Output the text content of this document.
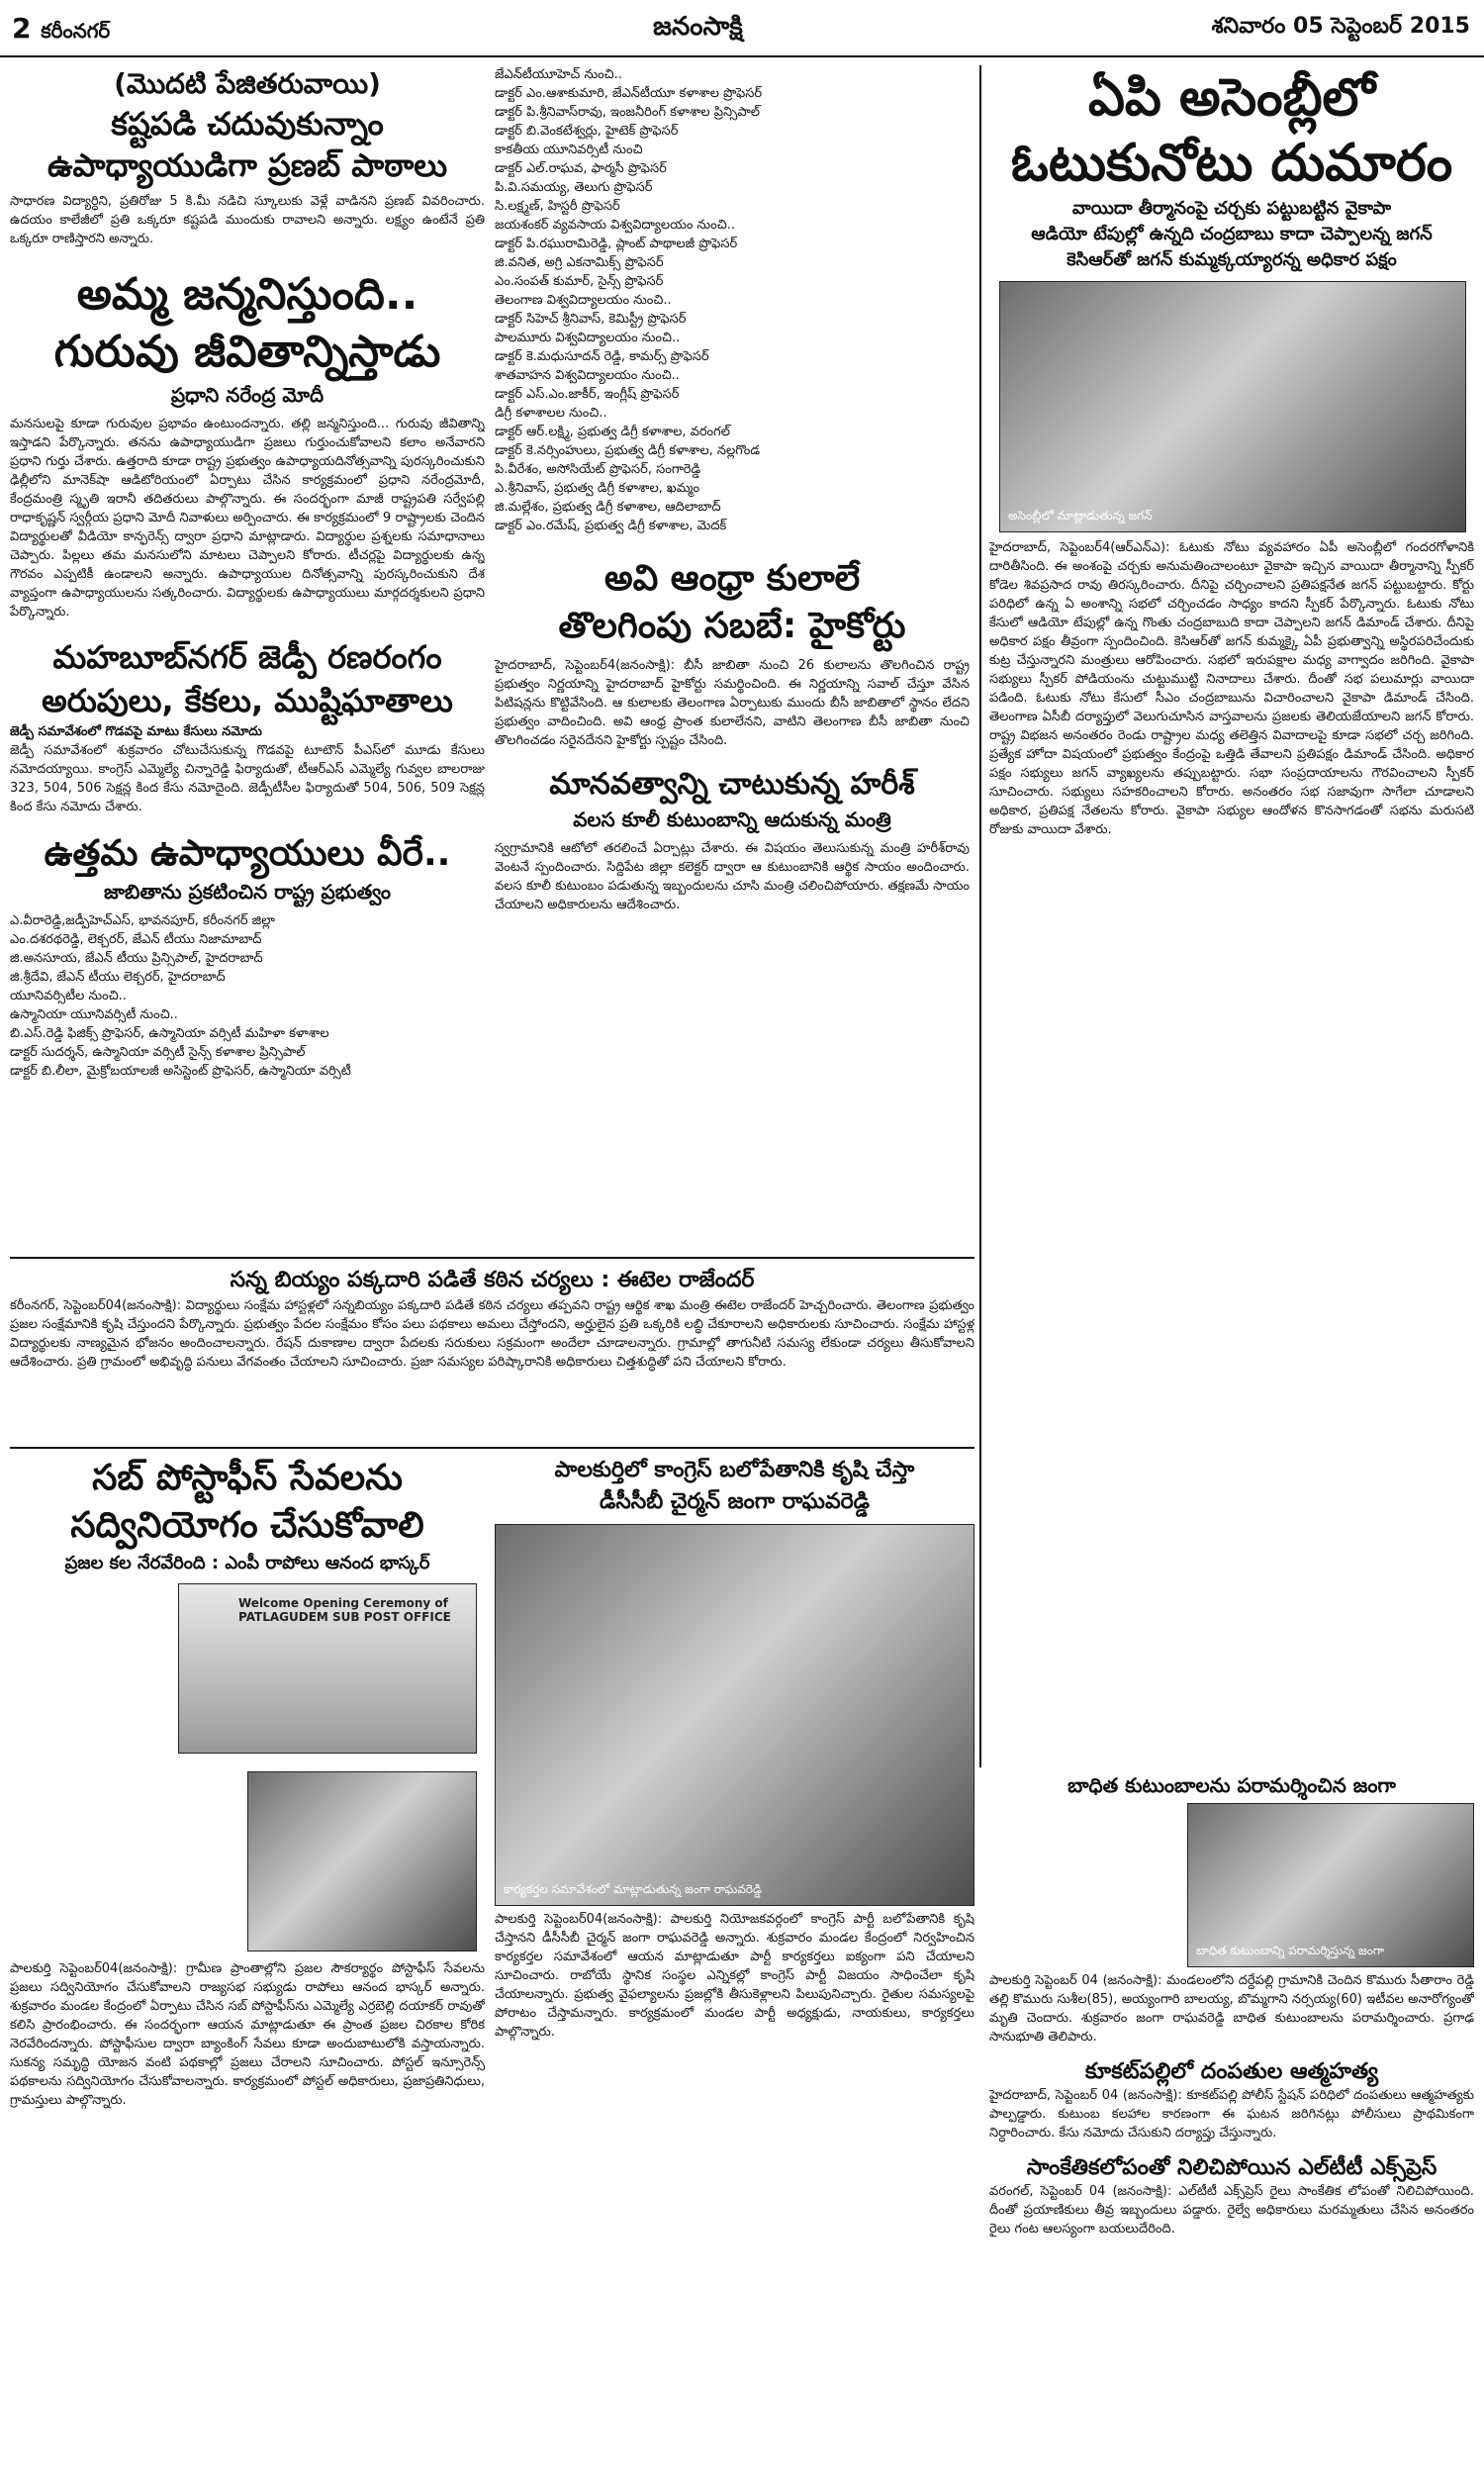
2 కరీంనగర్	జనంసాక్షి	శనివారం 05 సెప్టెంబర్ 2015
(మొదటి పేజితరువాయి)
కష్టపడి చదువుకున్నాం
ఉపాధ్యాయుడిగా ప్రణబ్ పాఠాలు
సాధారణ విద్యార్ధిని, ప్రతిరోజు 5 కి.మీ నడిచి స్కూలుకు వెళ్లే వాడినని ప్రణబ్ వివరించారు. ఉదయం కాలేజీలో ప్రతి ఒక్కరూ కష్టపడి ముందుకు రావాలని అన్నారు. లక్ష్యం ఉంటేనే ప్రతి ఒక్కరూ రాణిస్తారని అన్నారు.
అమ్మ జన్మనిస్తుంది..
గురువు జీవితాన్నిస్తాడు
ప్రధాని నరేంద్ర మోదీ
మనసులపై కూడా గురువుల ప్రభావం ఉంటుందన్నారు. తల్లి జన్మనిస్తుంది... గురువు జీవితాన్ని ఇస్తాడని పేర్కొన్నారు. తనను ఉపాధ్యాయుడిగా ప్రజలు గుర్తుంచుకోవాలని కలాం అనేవారని ప్రధాని గుర్తు చేశారు. ఉత్తరాది కూడా రాష్ట్ర ప్రభుత్వం ఉపాధ్యాయదినోత్సవాన్ని పురస్కరించుకుని ఢిల్లీలోని మానెక్‌షా ఆడిటోరియంలో ఏర్పాటు చేసిన కార్యక్రమంలో ప్రధాని నరేంద్రమోదీ, కేంద్రమంత్రి స్మృతి ఇరానీ తదితరులు పాల్గొన్నారు. ఈ సందర్భంగా మాజీ రాష్ట్రపతి సర్వేపల్లి రాధాకృష్ణన్ స్వర్గీయ ప్రధాని మోదీ నివాళులు అర్పించారు. ఈ కార్యక్రమంలో 9 రాష్ట్రాలకు చెందిన విద్యార్థులతో వీడియో కాన్ఫరెన్స్ ద్వారా ప్రధాని మాట్లాడారు. విద్యార్థుల ప్రశ్నలకు సమాధానాలు చెప్పారు. పిల్లలు తమ మనసులోని మాటలు చెప్పాలని కోరారు. టీచర్లపై విద్యార్థులకు ఉన్న గౌరవం ఎప్పటికీ ఉండాలని అన్నారు. ఉపాధ్యాయుల దినోత్సవాన్ని పురస్కరించుకుని దేశ వ్యాప్తంగా ఉపాధ్యాయులను సత్కరించారు. విద్యార్థులకు ఉపాధ్యాయులు మార్గదర్శకులని ప్రధాని పేర్కొన్నారు.
మహబూబ్‌నగర్ జెడ్పీ రణరంగం
అరుపులు, కేకలు, ముష్టిఘాతాలు
జెడ్పీ సమావేశంలో గొడవపై మాటు కేసులు నమోదు
జెడ్పీ సమావేశంలో శుక్రవారం చోటుచేసుకున్న గొడవపై టూటౌన్ పీఎస్‌లో మూడు కేసులు నమోదయ్యాయి. కాంగ్రెస్ ఎమ్మెల్యే చిన్నారెడ్డి ఫిర్యాదుతో, టీఆర్ఎస్ ఎమ్మెల్యే గువ్వల బాలరాజు 323, 504, 506 సెక్షన్ల కింద కేసు నమోదైంది. జెడ్పీటీసీల ఫిర్యాదుతో 504, 506, 509 సెక్షన్ల కింద కేసు నమోదు చేశారు.
ఉత్తమ ఉపాధ్యాయులు వీరే..
జాబితాను ప్రకటించిన రాష్ట్ర ప్రభుత్వం
ఎ.వీరారెడ్డి,జడ్పీహెచ్ఎస్, భావనపూర్, కరీంనగర్ జిల్లా
ఎం.దశరథరెడ్డి, లెక్చరర్, జేఎన్ టీయు నిజామాబాద్
జి.అనసూయ, జేఎన్ టీయు ప్రిన్సిపాల్, హైదరాబాద్
జి.శ్రీదేవి, జేఎన్ టీయు లెక్చరర్, హైదరాబాద్
యూనివర్సిటీల నుంచి..
ఉస్మానియా యూనివర్సిటీ నుంచి..
బి.ఎస్.రెడ్డి ఫిజిక్స్ ప్రొఫెసర్, ఉస్మానియా వర్సిటీ మహిళా కళాశాల
డాక్టర్ సుదర్శన్, ఉస్మానియా వర్సిటీ సైన్స్ కళాశాల ప్రిన్సిపాల్
డాక్టర్ బి.లీలా, మైక్రోబయాలజీ అసిస్టెంట్ ప్రొఫెసర్, ఉస్మానియా వర్సిటీ
జేఎన్‌టీయూహెచ్ నుంచి..
డాక్టర్ ఎం.ఆశాకుమారి, జేఎన్‌టీయూ కళాశాల ప్రొఫెసర్
డాక్టర్ పి.శ్రీనివాస్‌రావు, ఇంజనీరింగ్ కళాశాల ప్రిన్సిపాల్
డాక్టర్ బి.వెంకటేశ్వర్లు, హైటెక్ ప్రొఫెసర్
కాకతీయ యూనివర్సిటీ నుంచి
డాక్టర్ ఎల్.రాఘవ, ఫార్మసీ ప్రొఫెసర్
పి.వి.సమయ్య, తెలుగు ప్రొఫెసర్
సి.లక్ష్మణ్, హిస్టరీ ప్రొఫెసర్
జయశంకర్ వ్యవసాయ విశ్వవిద్యాలయం నుంచి..
డాక్టర్ పి.రఘురామిరెడ్డి, ప్లాంట్ పాథాలజీ ప్రొఫెసర్
జి.వనిత, అగ్రి ఎకనామిక్స్ ప్రొఫెసర్
ఎం.సంపత్ కుమార్, సైన్స్ ప్రొఫెసర్
తెలంగాణ విశ్వవిద్యాలయం నుంచి..
డాక్టర్ సిహెచ్ శ్రీనివాస్, కెమిస్ట్రీ ప్రొఫెసర్
పాలమూరు విశ్వవిద్యాలయం నుంచి..
డాక్టర్ కె.మధుసూదన్ రెడ్డి, కామర్స్ ప్రొఫెసర్
శాతవాహన విశ్వవిద్యాలయం నుంచి..
డాక్టర్ ఎస్.ఎం.జాకీర్, ఇంగ్లీష్ ప్రొఫెసర్
డిగ్రీ కళాశాలల నుంచి..
డాక్టర్ ఆర్.లక్ష్మి, ప్రభుత్వ డిగ్రీ కళాశాల, వరంగల్
డాక్టర్ కె.నర్సింహులు, ప్రభుత్వ డిగ్రీ కళాశాల, నల్లగొండ
పి.వీరేశం, అసోసియేట్ ప్రొఫెసర్, సంగారెడ్డి
ఎ.శ్రీనివాస్, ప్రభుత్వ డిగ్రీ కళాశాల, ఖమ్మం
జి.మల్లేశం, ప్రభుత్వ డిగ్రీ కళాశాల, ఆదిలాబాద్
డాక్టర్ ఎం.రమేష్, ప్రభుత్వ డిగ్రీ కళాశాల, మెదక్
అవి ఆంధ్రా కులాలే
తొలగింపు సబబే: హైకోర్టు
హైదరాబాద్, సెప్టెంబర్4(జనంసాక్షి): బీసీ జాబితా నుంచి 26 కులాలను తొలగించిన రాష్ట్ర ప్రభుత్వం నిర్ణయాన్ని హైదరాబాద్ హైకోర్టు సమర్థించింది. ఈ నిర్ణయాన్ని సవాల్ చేస్తూ వేసిన పిటిషన్లను కొట్టివేసింది. ఆ కులాలకు తెలంగాణ ఏర్పాటుకు ముందు బీసీ జాబితాలో స్థానం లేదని ప్రభుత్వం వాదించింది. అవి ఆంధ్ర ప్రాంత కులాలేనని, వాటిని తెలంగాణ బీసీ జాబితా నుంచి తొలగించడం సరైనదేనని హైకోర్టు స్పష్టం చేసింది.
మానవత్వాన్ని చాటుకున్న హరీశ్
వలస కూలీ కుటుంబాన్ని ఆదుకున్న మంత్రి
స్వగ్రామానికి ఆటోలో తరలించే ఏర్పాట్లు చేశారు. ఈ విషయం తెలుసుకున్న మంత్రి హరీశ్‌రావు వెంటనే స్పందించారు. సిద్దిపేట జిల్లా కలెక్టర్ ద్వారా ఆ కుటుంబానికి ఆర్థిక సాయం అందించారు. వలస కూలీ కుటుంబం పడుతున్న ఇబ్బందులను చూసి మంత్రి చలించిపోయారు. తక్షణమే సాయం చేయాలని అధికారులను ఆదేశించారు.
ఏపి అసెంబ్లీలో
ఓటుకునోటు దుమారం
వాయిదా తీర్మానంపై చర్చకు పట్టుబట్టిన వైకాపా
ఆడియో టేపుల్లో ఉన్నది చంద్రబాబు కాదా చెప్పాలన్న జగన్
కెసిఆర్‌తో జగన్ కుమ్మక్కయ్యారన్న అధికార పక్షం
అసెంబ్లీలో మాట్లాడుతున్న జగన్
హైదరాబాద్, సెప్టెంబర్4(ఆర్ఎన్ఎ): ఓటుకు నోటు వ్యవహారం ఏపీ అసెంబ్లీలో గందరగోళానికి దారితీసింది. ఈ అంశంపై చర్చకు అనుమతించాలంటూ వైకాపా ఇచ్చిన వాయిదా తీర్మానాన్ని స్పీకర్ కోడెల శివప్రసాద రావు తిరస్కరించారు. దీనిపై చర్చించాలని ప్రతిపక్షనేత జగన్ పట్టుబట్టారు. కోర్టు పరిధిలో ఉన్న ఏ అంశాన్ని సభలో చర్చించడం సాధ్యం కాదని స్పీకర్ పేర్కొన్నారు. ఓటుకు నోటు కేసులో ఆడియో టేపుల్లో ఉన్న గొంతు చంద్రబాబుది కాదా చెప్పాలని జగన్ డిమాండ్ చేశారు. దీనిపై అధికార పక్షం తీవ్రంగా స్పందించింది. కెసిఆర్‌తో జగన్ కుమ్మక్కై ఏపీ ప్రభుత్వాన్ని అస్థిరపరిచేందుకు కుట్ర చేస్తున్నారని మంత్రులు ఆరోపించారు. సభలో ఇరుపక్షాల మధ్య వాగ్వాదం జరిగింది. వైకాపా సభ్యులు స్పీకర్ పోడియంను చుట్టుముట్టి నినాదాలు చేశారు. దీంతో సభ పలుమార్లు వాయిదా పడింది. ఓటుకు నోటు కేసులో సీఎం చంద్రబాబును విచారించాలని వైకాపా డిమాండ్ చేసింది. తెలంగాణ ఏసీబీ దర్యాప్తులో వెలుగుచూసిన వాస్తవాలను ప్రజలకు తెలియజేయాలని జగన్ కోరారు. రాష్ట్ర విభజన అనంతరం రెండు రాష్ట్రాల మధ్య తలెత్తిన వివాదాలపై కూడా సభలో చర్చ జరిగింది. ప్రత్యేక హోదా విషయంలో ప్రభుత్వం కేంద్రంపై ఒత్తిడి తేవాలని ప్రతిపక్షం డిమాండ్ చేసింది. అధికార పక్షం సభ్యులు జగన్ వ్యాఖ్యలను తప్పుబట్టారు. సభా సంప్రదాయాలను గౌరవించాలని స్పీకర్ సూచించారు. సభ్యులు సహకరించాలని కోరారు. అనంతరం సభ సజావుగా సాగేలా చూడాలని అధికార, ప్రతిపక్ష నేతలను కోరారు. వైకాపా సభ్యుల ఆందోళన కొనసాగడంతో సభను మరుసటి రోజుకు వాయిదా వేశారు.
సన్న బియ్యం పక్కదారి పడితే కఠిన చర్యలు : ఈటెల రాజేందర్
కరీంనగర్, సెప్టెంబర్04(జనంసాక్షి): విద్యార్థులు సంక్షేమ హాస్టళ్లలో సన్నబియ్యం పక్కదారి పడితే కఠిన చర్యలు తప్పవని రాష్ట్ర ఆర్థిక శాఖ మంత్రి ఈటెల రాజేందర్ హెచ్చరించారు. తెలంగాణ ప్రభుత్వం ప్రజల సంక్షేమానికి కృషి చేస్తుందని పేర్కొన్నారు. ప్రభుత్వం పేదల సంక్షేమం కోసం పలు పథకాలు అమలు చేస్తోందని, అర్హులైన ప్రతి ఒక్కరికి లబ్ధి చేకూరాలని అధికారులకు సూచించారు. సంక్షేమ హాస్టళ్ల విద్యార్థులకు నాణ్యమైన భోజనం అందించాలన్నారు. రేషన్ దుకాణాల ద్వారా పేదలకు సరుకులు సక్రమంగా అందేలా చూడాలన్నారు. గ్రామాల్లో తాగునీటి సమస్య లేకుండా చర్యలు తీసుకోవాలని ఆదేశించారు. ప్రతి గ్రామంలో అభివృద్ధి పనులు వేగవంతం చేయాలని సూచించారు. ప్రజా సమస్యల పరిష్కారానికి అధికారులు చిత్తశుద్ధితో పని చేయాలని కోరారు.
సబ్ పోస్టాఫీస్ సేవలను
సద్వినియోగం చేసుకోవాలి
ప్రజల కల నేరవేరింది : ఎంపీ రాపోలు ఆనంద భాస్కర్
Welcome Opening Ceremony of PATLAGUDEM SUB POST OFFICE
పాలకుర్తి సెప్టెంబర్04(జనంసాక్షి): గ్రామీణ ప్రాంతాల్లోని ప్రజల సౌకర్యార్థం పోస్టాఫీస్ సేవలను ప్రజలు సద్వినియోగం చేసుకోవాలని రాజ్యసభ సభ్యుడు రాపోలు ఆనంద భాస్కర్ అన్నారు. శుక్రవారం మండల కేంద్రంలో ఏర్పాటు చేసిన సబ్ పోస్టాఫీస్‌ను ఎమ్మెల్యే ఎర్రబెల్లి దయాకర్ రావుతో కలిసి ప్రారంభించారు. ఈ సందర్భంగా ఆయన మాట్లాడుతూ ఈ ప్రాంత ప్రజల చిరకాల కోరిక నెరవేరిందన్నారు. పోస్టాఫీసుల ద్వారా బ్యాంకింగ్ సేవలు కూడా అందుబాటులోకి వస్తాయన్నారు. సుకన్య సమృద్ధి యోజన వంటి పథకాల్లో ప్రజలు చేరాలని సూచించారు. పోస్టల్ ఇన్సూరెన్స్ పథకాలను సద్వినియోగం చేసుకోవాలన్నారు. కార్యక్రమంలో పోస్టల్ అధికారులు, ప్రజాప్రతినిధులు, గ్రామస్తులు పాల్గొన్నారు.
పాలకుర్తిలో కాంగ్రెస్ బలోపేతానికి కృషి చేస్తా
డీసీసీబీ చైర్మన్ జంగా రాఘవరెడ్డి
కార్యకర్తల సమావేశంలో మాట్లాడుతున్న జంగా రాఘవరెడ్డి
పాలకుర్తి సెప్టెంబర్04(జనంసాక్షి): పాలకుర్తి నియోజకవర్గంలో కాంగ్రెస్ పార్టీ బలోపేతానికి కృషి చేస్తానని డీసీసీబీ చైర్మన్ జంగా రాఘవరెడ్డి అన్నారు. శుక్రవారం మండల కేంద్రంలో నిర్వహించిన కార్యకర్తల సమావేశంలో ఆయన మాట్లాడుతూ పార్టీ కార్యకర్తలు ఐక్యంగా పని చేయాలని సూచించారు. రాబోయే స్థానిక సంస్థల ఎన్నికల్లో కాంగ్రెస్ పార్టీ విజయం సాధించేలా కృషి చేయాలన్నారు. ప్రభుత్వ వైఫల్యాలను ప్రజల్లోకి తీసుకెళ్లాలని పిలుపునిచ్చారు. రైతుల సమస్యలపై పోరాటం చేస్తామన్నారు. కార్యక్రమంలో మండల పార్టీ అధ్యక్షుడు, నాయకులు, కార్యకర్తలు పాల్గొన్నారు.
బాధిత కుటుంబాలను పరామర్శించిన జంగా
బాధిత కుటుంబాన్ని పరామర్శిస్తున్న జంగా
పాలకుర్తి సెప్టెంబర్ 04 (జనంసాక్షి): మండలంలోని దర్దేపల్లి గ్రామానికి చెందిన కొమురు సీతారాం రెడ్డి తల్లి కొమురు సుశీల(85), అయ్యంగారి బాలయ్య, బొమ్మగాని నర్సయ్య(60) ఇటీవల అనారోగ్యంతో మృతి చెందారు. శుక్రవారం జంగా రాఘవరెడ్డి బాధిత కుటుంబాలను పరామర్శించారు. ప్రగాఢ సానుభూతి తెలిపారు.
కూకట్‌పల్లిలో దంపతుల ఆత్మహత్య
హైదరాబాద్, సెప్టెంబర్ 04 (జనంసాక్షి): కూకట్‌పల్లి పోలీస్ స్టేషన్ పరిధిలో దంపతులు ఆత్మహత్యకు పాల్పడ్డారు. కుటుంబ కలహాల కారణంగా ఈ ఘటన జరిగినట్లు పోలీసులు ప్రాథమికంగా నిర్ధారించారు. కేసు నమోదు చేసుకుని దర్యాప్తు చేస్తున్నారు.
సాంకేతికలోపంతో నిలిచిపోయిన ఎల్‌టీటీ ఎక్స్‌ప్రెస్
వరంగల్, సెప్టెంబర్ 04 (జనంసాక్షి): ఎల్‌టీటీ ఎక్స్‌ప్రెస్ రైలు సాంకేతిక లోపంతో నిలిచిపోయింది. దీంతో ప్రయాణికులు తీవ్ర ఇబ్బందులు పడ్డారు. రైల్వే అధికారులు మరమ్మతులు చేసిన అనంతరం రైలు గంట ఆలస్యంగా బయలుదేరింది.
